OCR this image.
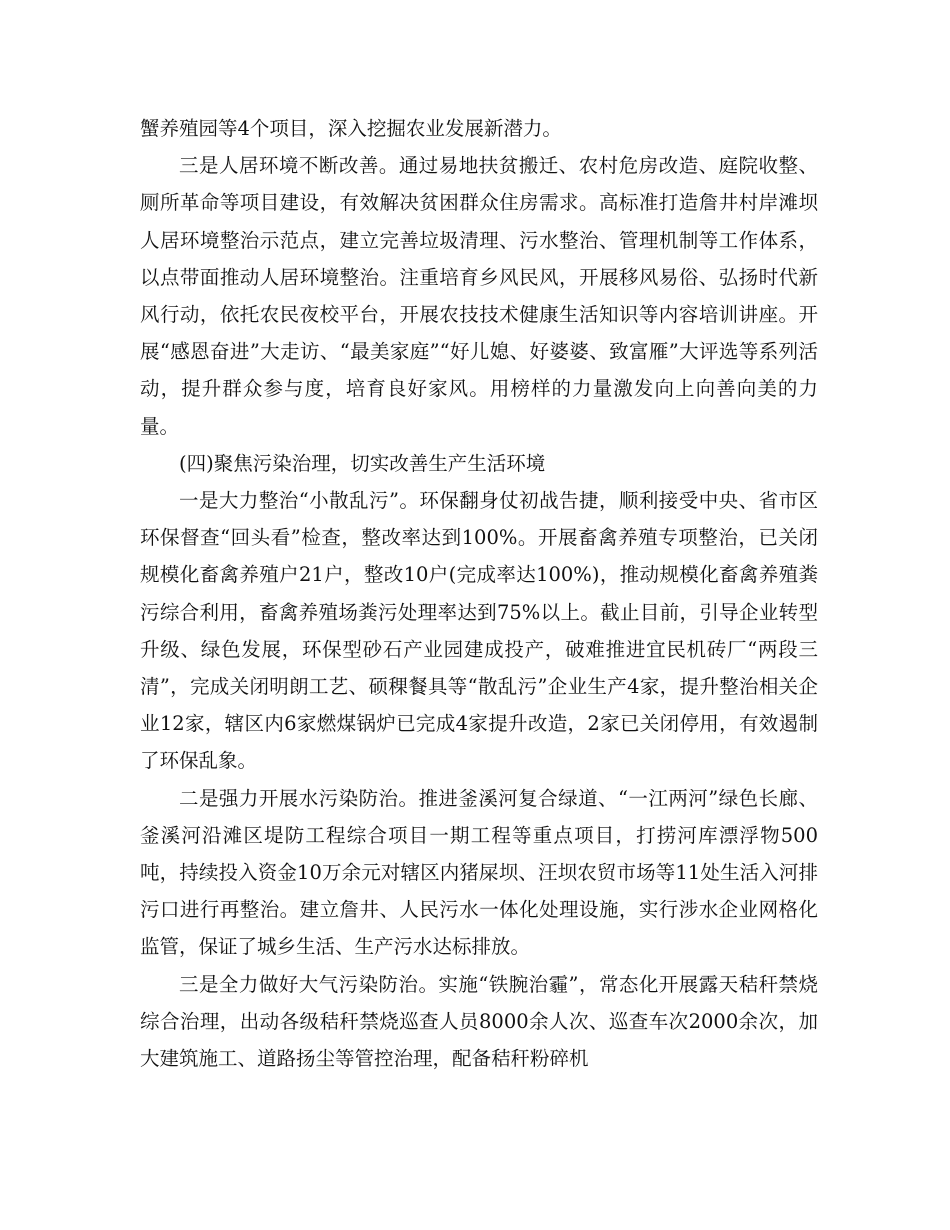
蟹养殖园等4个项目，深入挖掘农业发展新潜力。

三是人居环境不断改善。通过易地扶贫搬迁、农村危房改造、庭院收整、厕所革命等项目建设，有效解决贫困群众住房需求。高标准打造詹井村岸滩坝人居环境整治示范点，建立完善垃圾清理、污水整治、管理机制等工作体系，以点带面推动人居环境整治。注重培育乡风民风，开展移风易俗、弘扬时代新风行动，依托农民夜校平台，开展农技技术健康生活知识等内容培训讲座。开展“感恩奋进”大走访、“最美家庭”“好儿媳、好婆婆、致富雁”大评选等系列活动，提升群众参与度，培育良好家风。用榜样的力量激发向上向善向美的力量。

(四)聚焦污染治理，切实改善生产生活环境

一是大力整治“小散乱污”。环保翻身仗初战告捷，顺利接受中央、省市区环保督查“回头看”检查，整改率达到100%。开展畜禽养殖专项整治，已关闭规模化畜禽养殖户21户，整改10户(完成率达100%)，推动规模化畜禽养殖粪污综合利用，畜禽养殖场粪污处理率达到75%以上。截止目前，引导企业转型升级、绿色发展，环保型砂石产业园建成投产，破难推进宜民机砖厂“两段三清”，完成关闭明朗工艺、硕稞餐具等“散乱污”企业生产4家，提升整治相关企业12家，辖区内6家燃煤锅炉已完成4家提升改造，2家已关闭停用，有效遏制了环保乱象。

二是强力开展水污染防治。推进釜溪河复合绿道、“一江两河”绿色长廊、釜溪河沿滩区堤防工程综合项目一期工程等重点项目，打捞河库漂浮物500吨，持续投入资金10万余元对辖区内猪屎坝、汪坝农贸市场等11处生活入河排污口进行再整治。建立詹井、人民污水一体化处理设施，实行涉水企业网格化监管，保证了城乡生活、生产污水达标排放。

三是全力做好大气污染防治。实施“铁腕治霾”，常态化开展露天秸秆禁烧综合治理，出动各级秸秆禁烧巡查人员8000余人次、巡查车次2000余次，加大建筑施工、道路扬尘等管控治理，配备秸秆粉碎机
